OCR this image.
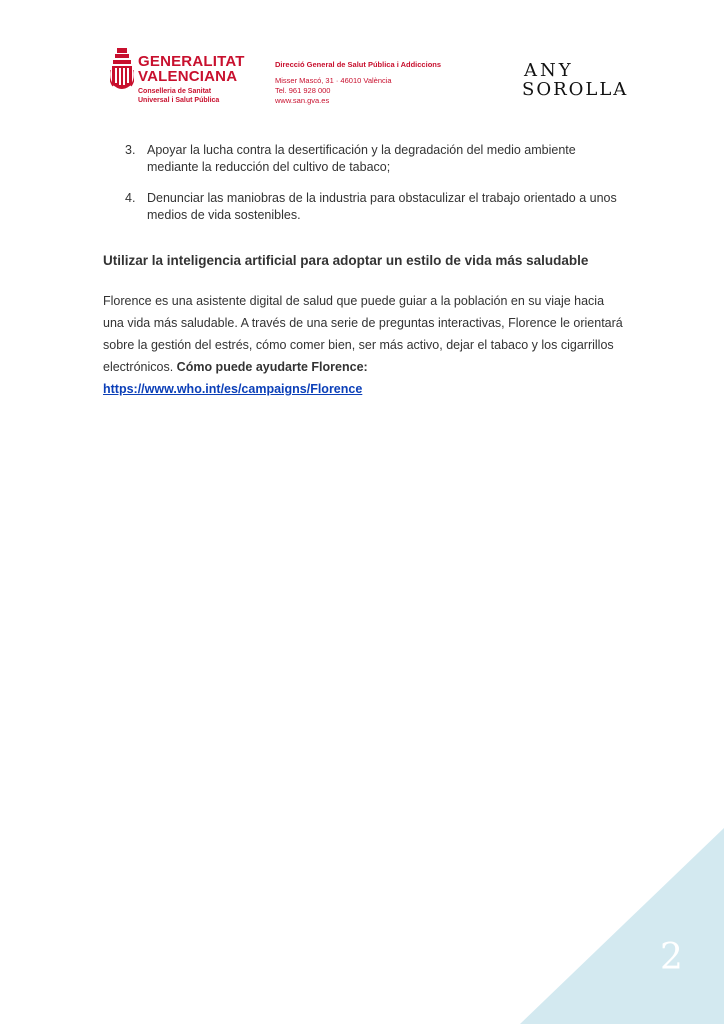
GENERALITAT
VALENCIANA
Conselleria de Sanitat
Universal i Salut Pública
Direcció General de Salut Pública i Addiccions
Misser Mascó, 31 · 46010 València
Tel. 961 928 000
www.san.gva.es
ANY
SOROLLA
3. Apoyar la lucha contra la desertificación y la degradación del medio ambiente mediante la reducción del cultivo de tabaco;
4. Denunciar las maniobras de la industria para obstaculizar el trabajo orientado a unos medios de vida sostenibles.
Utilizar la inteligencia artificial para adoptar un estilo de vida más saludable

Florence es una asistente digital de salud que puede guiar a la población en su viaje hacia una vida más saludable. A través de una serie de preguntas interactivas, Florence le orientará sobre la gestión del estrés, cómo comer bien, ser más activo, dejar el tabaco y los cigarrillos electrónicos. Cómo puede ayudarte Florence: https://www.who.int/es/campaigns/Florence

2
